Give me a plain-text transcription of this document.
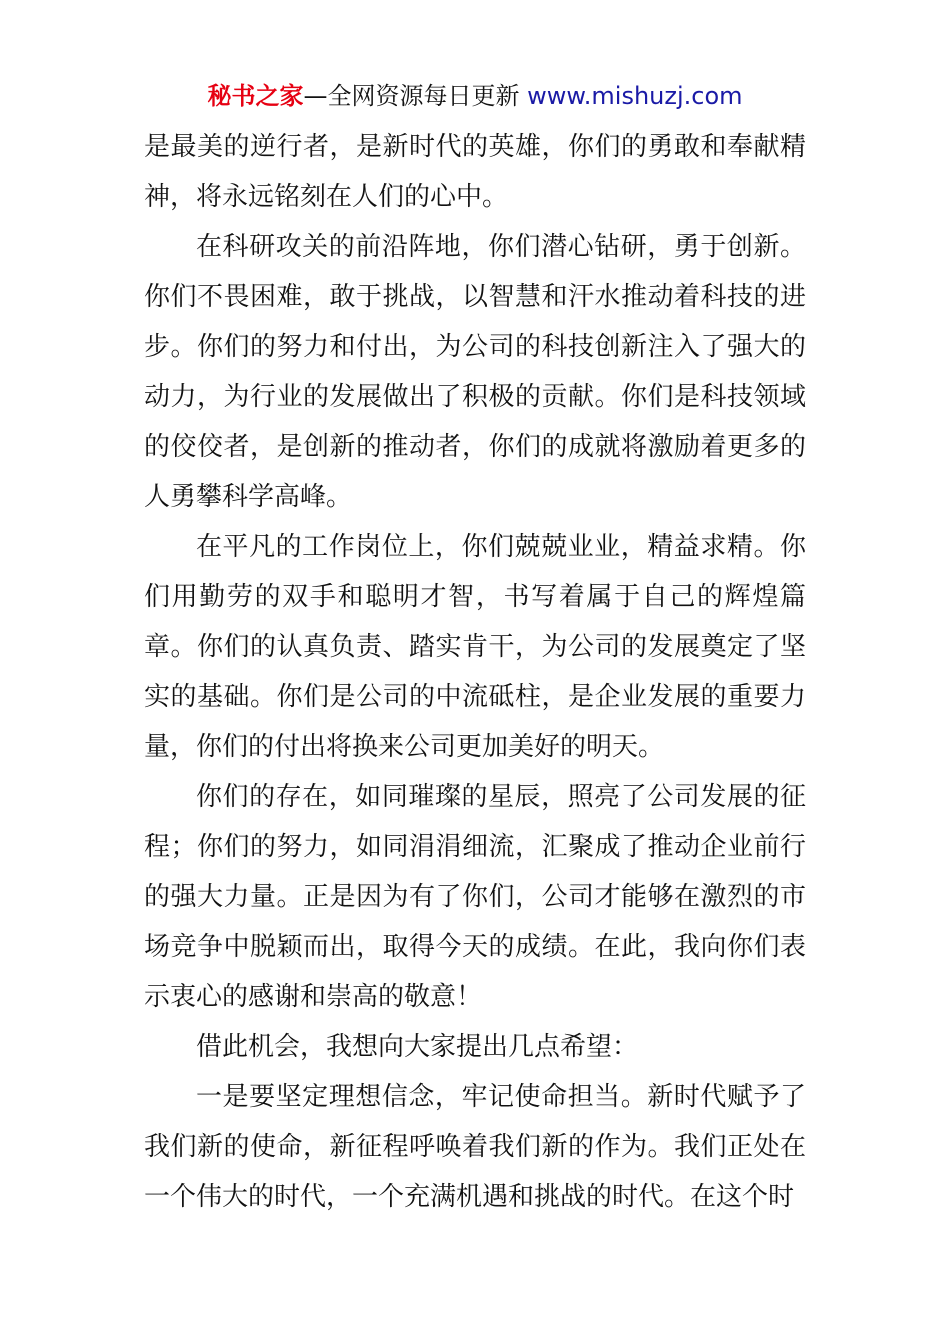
秘书之家—全网资源每日更新 www.mishuzj.com

是最美的逆行者，是新时代的英雄，你们的勇敢和奉献精神，将永远铭刻在人们的心中。

在科研攻关的前沿阵地，你们潜心钻研，勇于创新。你们不畏困难，敢于挑战，以智慧和汗水推动着科技的进步。你们的努力和付出，为公司的科技创新注入了强大的动力，为行业的发展做出了积极的贡献。你们是科技领域的佼佼者，是创新的推动者，你们的成就将激励着更多的人勇攀科学高峰。

在平凡的工作岗位上，你们兢兢业业，精益求精。你们用勤劳的双手和聪明才智，书写着属于自己的辉煌篇章。你们的认真负责、踏实肯干，为公司的发展奠定了坚实的基础。你们是公司的中流砥柱，是企业发展的重要力量，你们的付出将换来公司更加美好的明天。

你们的存在，如同璀璨的星辰，照亮了公司发展的征程；你们的努力，如同涓涓细流，汇聚成了推动企业前行的强大力量。正是因为有了你们，公司才能够在激烈的市场竞争中脱颖而出，取得今天的成绩。在此，我向你们表示衷心的感谢和崇高的敬意！

借此机会，我想向大家提出几点希望：

一是要坚定理想信念，牢记使命担当。新时代赋予了我们新的使命，新征程呼唤着我们新的作为。我们正处在一个伟大的时代，一个充满机遇和挑战的时代。在这个时
